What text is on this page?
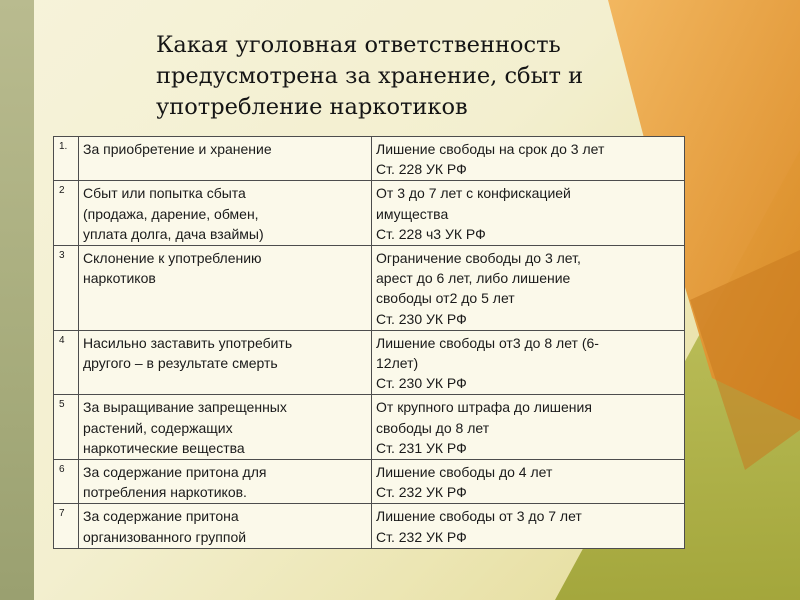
Какая уголовная ответственность
предусмотрена за хранение, сбыт и
употребление наркотиков
1.	За приобретение и хранение	Лишение свободы на срок до 3 лет
Ст. 228 УК РФ

2	Сбыт или попытка сбыта
(продажа, дарение, обмен,
уплата долга, дача взаймы)	От 3 до 7 лет с конфискацией
имущества
Ст. 228 ч3 УК РФ

3	Склонение к употреблению
наркотиков	Ограничение свободы до 3 лет,
арест до 6 лет, либо лишение
свободы от2 до 5 лет
Ст. 230 УК РФ

4	Насильно заставить употребить
другого – в результате смерть	Лишение свободы от3 до 8 лет (6-
12лет)
Ст. 230 УК РФ

5	За выращивание запрещенных
растений, содержащих
наркотические вещества	От крупного штрафа до лишения
свободы до 8 лет
Ст. 231 УК РФ

6	За содержание притона для
потребления наркотиков.	Лишение свободы до 4 лет
Ст. 232 УК РФ

7	За содержание притона
организованного группой	Лишение свободы от 3 до 7 лет
Ст. 232 УК РФ
